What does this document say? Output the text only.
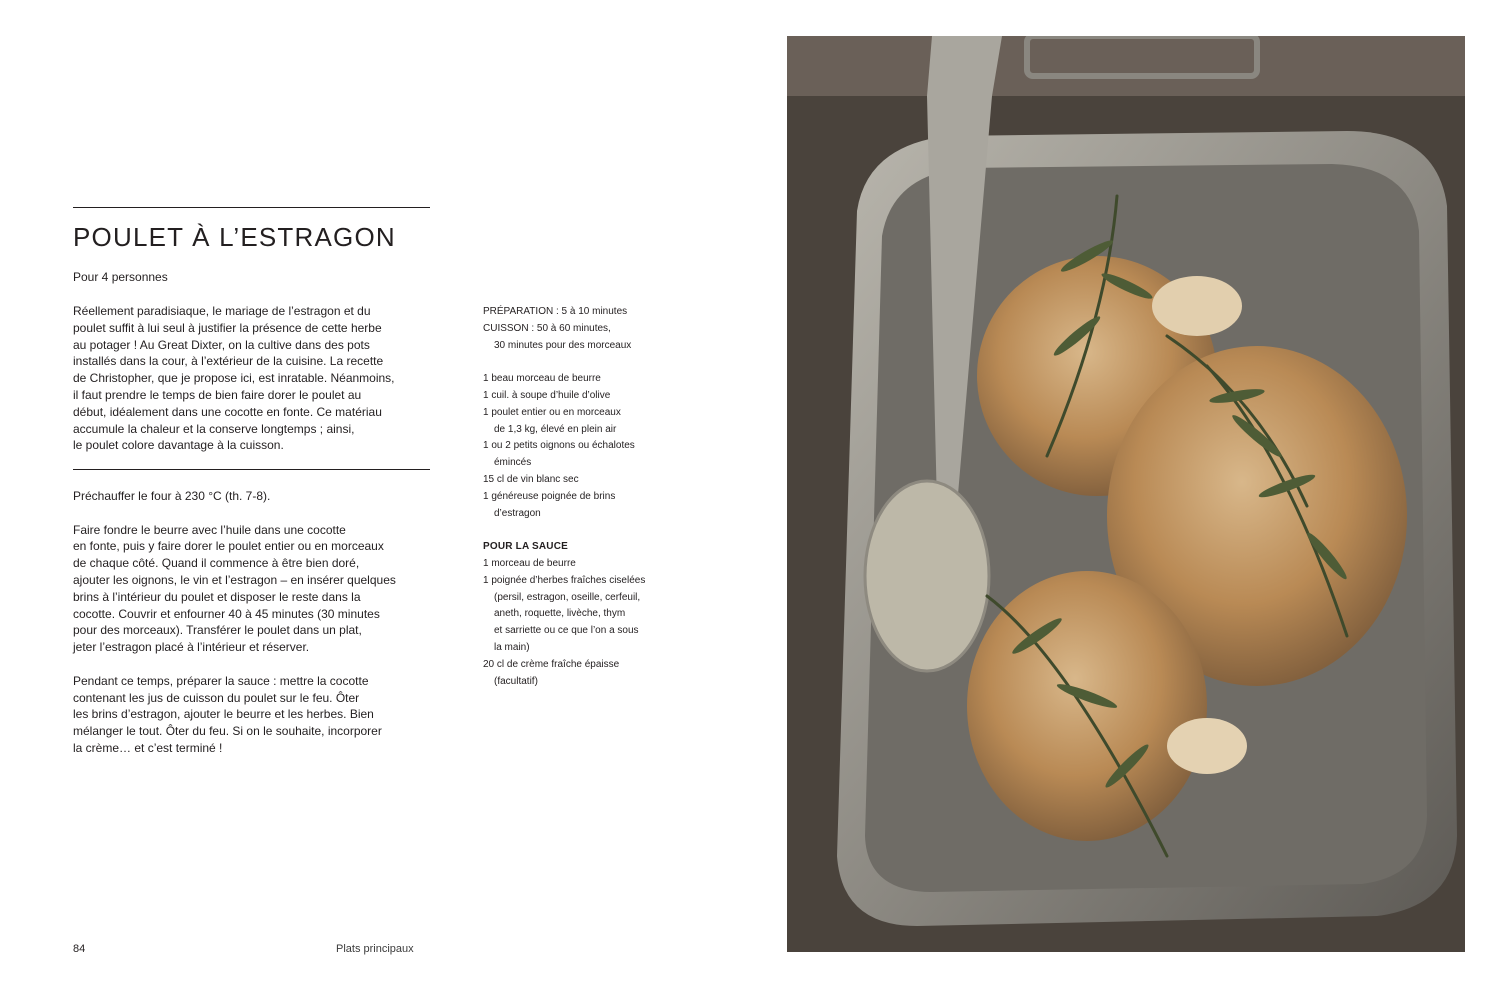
POULET À L’ESTRAGON

Pour 4 personnes

Réellement paradisiaque, le mariage de l’estragon et du
poulet suffit à lui seul à justifier la présence de cette herbe
au potager ! Au Great Dixter, on la cultive dans des pots
installés dans la cour, à l’extérieur de la cuisine. La recette
de Christopher, que je propose ici, est inratable. Néanmoins,
il faut prendre le temps de bien faire dorer le poulet au
début, idéalement dans une cocotte en fonte. Ce matériau
accumule la chaleur et la conserve longtemps ; ainsi,
le poulet colore davantage à la cuisson.
Préchauffer le four à 230 °C (th. 7-8).
Faire fondre le beurre avec l’huile dans une cocotte
en fonte, puis y faire dorer le poulet entier ou en morceaux
de chaque côté. Quand il commence à être bien doré,
ajouter les oignons, le vin et l’estragon – en insérer quelques
brins à l’intérieur du poulet et disposer le reste dans la
cocotte. Couvrir et enfourner 40 à 45 minutes (30 minutes
pour des morceaux). Transférer le poulet dans un plat,
jeter l’estragon placé à l’intérieur et réserver.
Pendant ce temps, préparer la sauce : mettre la cocotte
contenant les jus de cuisson du poulet sur le feu. Ôter
les brins d’estragon, ajouter le beurre et les herbes. Bien
mélanger le tout. Ôter du feu. Si on le souhaite, incorporer
la crème… et c’est terminé !
PRÉPARATION : 5 à 10 minutes
CUISSON : 50 à 60 minutes,
30 minutes pour des morceaux
1 beau morceau de beurre
1 cuil. à soupe d’huile d’olive
1 poulet entier ou en morceaux
de 1,3 kg, élevé en plein air
1 ou 2 petits oignons ou échalotes
émincés
15 cl de vin blanc sec
1 généreuse poignée de brins
d’estragon
POUR LA SAUCE
1 morceau de beurre
1 poignée d’herbes fraîches ciselées
(persil, estragon, oseille, cerfeuil,
aneth, roquette, livèche, thym
et sarriette ou ce que l’on a sous
la main)
20 cl de crème fraîche épaisse
(facultatif)
84	Plats principaux
